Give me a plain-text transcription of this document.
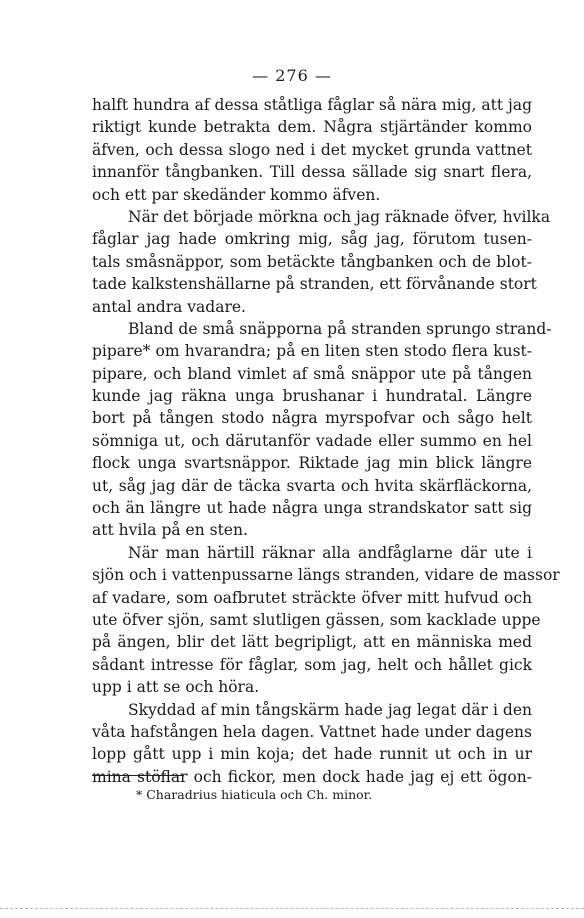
— 276 —
halft hundra af dessa ståtliga fåglar så nära mig, att jag
riktigt kunde betrakta dem. Några stjärtänder kommo
äfven, och dessa slogo ned i det mycket grunda vattnet
innanför tångbanken. Till dessa sällade sig snart flera,
och ett par skedänder kommo äfven.
När det började mörkna och jag räknade öfver, hvilka
fåglar jag hade omkring mig, såg jag, förutom tusen-
tals småsnäppor, som betäckte tångbanken och de blot-
tade kalkstenshällarne på stranden, ett förvånande stort
antal andra vadare.
Bland de små snäpporna på stranden sprungo strand-
pipare* om hvarandra; på en liten sten stodo flera kust-
pipare, och bland vimlet af små snäppor ute på tången
kunde jag räkna unga brushanar i hundratal. Längre
bort på tången stodo några myrspofvar och sågo helt
sömniga ut, och därutanför vadade eller summo en hel
flock unga svartsnäppor. Riktade jag min blick längre
ut, såg jag där de täcka svarta och hvita skärfläckorna,
och än längre ut hade några unga strandskator satt sig
att hvila på en sten.
När man härtill räknar alla andfåglarne där ute i
sjön och i vattenpussarne längs stranden, vidare de massor
af vadare, som oafbrutet sträckte öfver mitt hufvud och
ute öfver sjön, samt slutligen gässen, som kacklade uppe
på ängen, blir det lätt begripligt, att en människa med
sådant intresse för fåglar, som jag, helt och hållet gick
upp i att se och höra.
Skyddad af min tångskärm hade jag legat där i den
våta hafstången hela dagen. Vattnet hade under dagens
lopp gått upp i min koja; det hade runnit ut och in ur
mina stöflar och fickor, men dock hade jag ej ett ögon-
* Charadrius hiaticula och Ch. minor.
